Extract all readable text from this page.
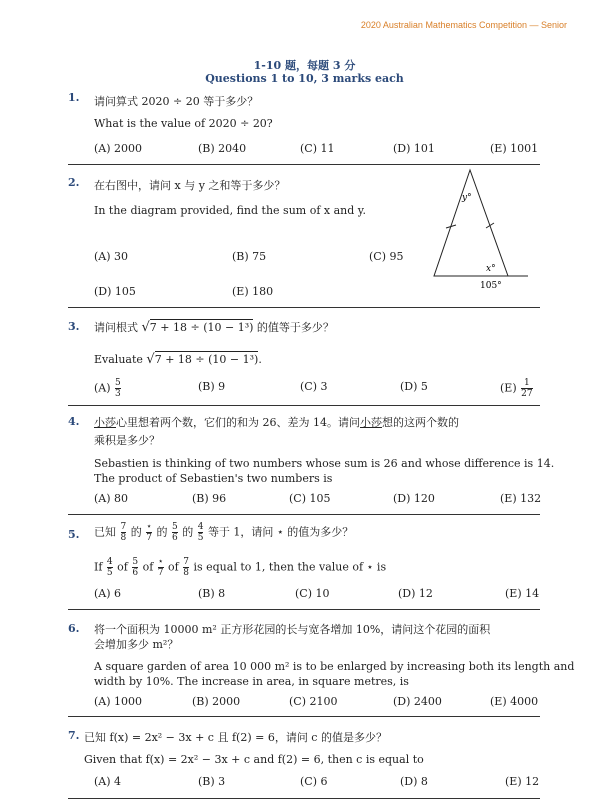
2020 Australian Mathematics Competition — Senior
1-10 题，每题 3 分
Questions 1 to 10, 3 marks each
1. 请问算式 2020 ÷ 20 等于多少？
What is the value of 2020 ÷ 20?
(A) 2000	(B) 2040	(C) 11	(D) 101	(E) 1001
2. 在右图中，请问 x 与 y 之和等于多少？
In the diagram provided, find the sum of x and y.
(A) 30	(B) 75	(C) 95
(D) 105	(E) 180
y°
x°
105°
3. 请问根式 √7 + 18 ÷ (10 − 1³) 的值等于多少？
Evaluate √7 + 18 ÷ (10 − 1³).
$(A) \frac{5}{3}$	(B) 9	(C) 3	(D) 5	$(E) \frac{1}{27}$
4. 小莎心里想着两个数，它们的和为 26、差为 14。请问小莎想的这两个数的
乘积是多少？
Sebastien is thinking of two numbers whose sum is 26 and whose difference is 14.
The product of Sebastien's two numbers is
(A) 80	(B) 96	(C) 105	(D) 120	(E) 132
5. 已知 $\frac{7}{8}$ 的 $\frac{⋆}{7}$ 的 $\frac{5}{6}$ 的 $\frac{4}{5}$ 等于 1，请问 ⋆ 的值为多少？
If $\frac{4}{5}$ of $\frac{5}{6}$ of $\frac{⋆}{7}$ of $\frac{7}{8}$ is equal to 1, then the value of ⋆ is
(A) 6	(B) 8	(C) 10	(D) 12	(E) 14
6. 将一个面积为 10000 m² 正方形花园的长与宽各增加 10%，请问这个花园的面积
会增加多少 m²？
A square garden of area 10 000 m² is to be enlarged by increasing both its length and
width by 10%. The increase in area, in square metres, is
(A) 1000	(B) 2000	(C) 2100	(D) 2400	(E) 4000
7. 已知 f(x) = 2x² − 3x + c 且 f(2) = 6，请问 c 的值是多少？
Given that f(x) = 2x² − 3x + c and f(2) = 6, then c is equal to
(A) 4	(B) 3	(C) 6	(D) 8	(E) 12
